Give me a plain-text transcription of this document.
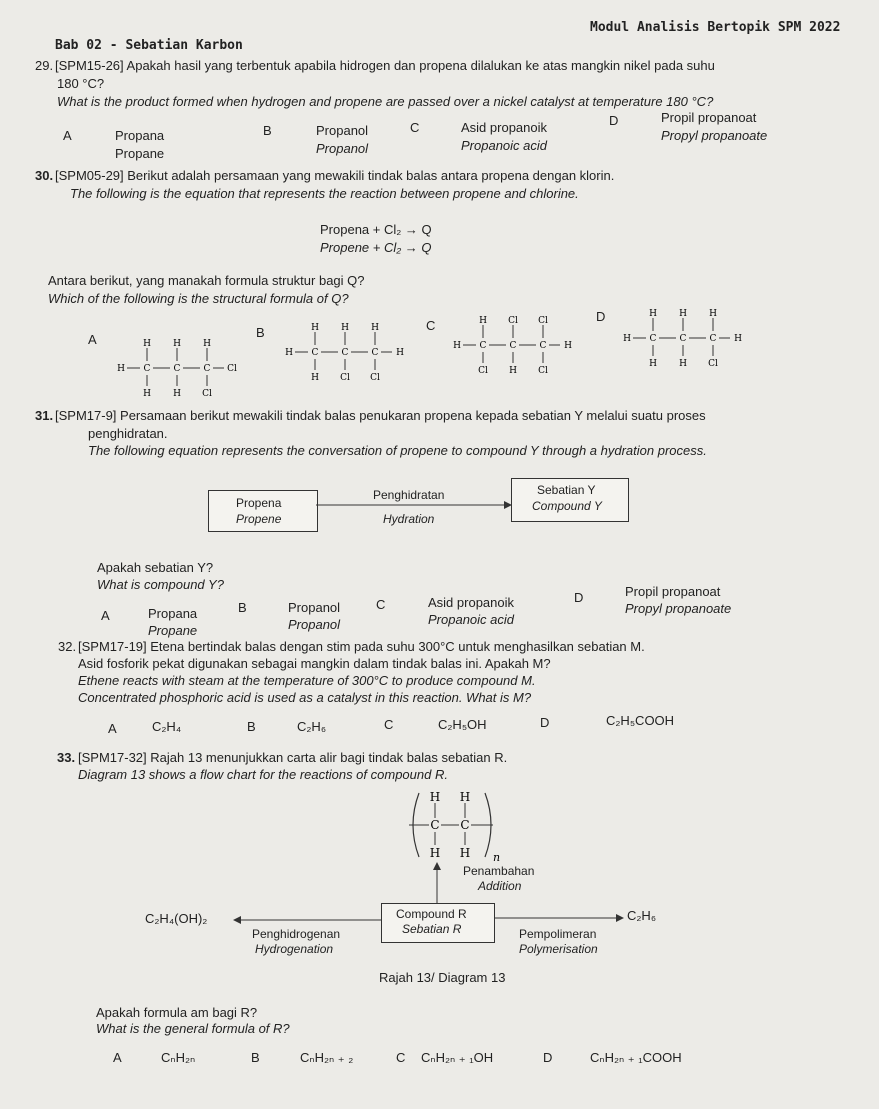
Bab 02 - Sebatian Karbon
Modul Analisis Bertopik SPM 2022
29. [SPM15-26] Apakah hasil yang terbentuk apabila hidrogen dan propena dilalukan ke atas mangkin nikel pada suhu
180 °C?
What is the product formed when hydrogen and propene are passed over a nickel catalyst at temperature 180 °C?
A	Propana
Propane
B	Propanol
Propanol
C	Asid propanoik
Propanoic acid
D	Propil propanoat
Propyl propanoate
30. [SPM05-29] Berikut adalah persamaan yang mewakili tindak balas antara propena dengan klorin.
The following is the equation that represents the reaction between propene and chlorine.
Propena + Cl₂ → Q
Propene + Cl₂ → Q
Antara berikut, yang manakah formula struktur bagi Q?
Which of the following is the structural formula of Q?
A	B	C
D
H H H
H C	C	C Cl
H H Cl
H H H
H C	C	C H
H Cl Cl
H Cl Cl
H C	C	C H
Cl H Cl
H H H
H C	C	C H
H H Cl
31. [SPM17-9] Persamaan berikut mewakili tindak balas penukaran propena kepada sebatian Y melalui suatu proses
penghidratan.
The following equation represents the conversation of propene to compound Y through a hydration process.
Propena
Propene
Penghidratan
Hydration
Sebatian Y
Compound Y
Apakah sebatian Y?
What is compound Y?
A	Propana
Propane
B	Propanol
Propanol
C	Asid propanoik
Propanoic acid
D	Propil propanoat
Propyl propanoate
32. [SPM17-19] Etena bertindak balas dengan stim pada suhu 300°C untuk menghasilkan sebatian M.
Asid fosforik pekat digunakan sebagai mangkin dalam tindak balas ini. Apakah M?
Ethene reacts with steam at the temperature of 300°C to produce compound M.
Concentrated phosphoric acid is used as a catalyst in this reaction. What is M?
A	C₂H₄	B	C₂H₆	C	C₂H₅OH	D	C₂H₅COOH
33. [SPM17-32] Rajah 13 menunjukkan carta alir bagi tindak balas sebatian R.
Diagram 13 shows a flow chart for the reactions of compound R.
H H
C C
H H n
Penambahan
Addition
Compound R
Sebatian R
C₂H₄(OH)₂
Penghidrogenan
Hydrogenation
C₂H₆
Pempolimeran
Polymerisation
Rajah 13/ Diagram 13
Apakah formula am bagi R?
What is the general formula of R?
A	CₙH₂ₙ	B	CₙH₂ₙ ₊ ₂	C CₙH₂ₙ ₊ ₁OH	D	CₙH₂ₙ ₊ ₁COOH
